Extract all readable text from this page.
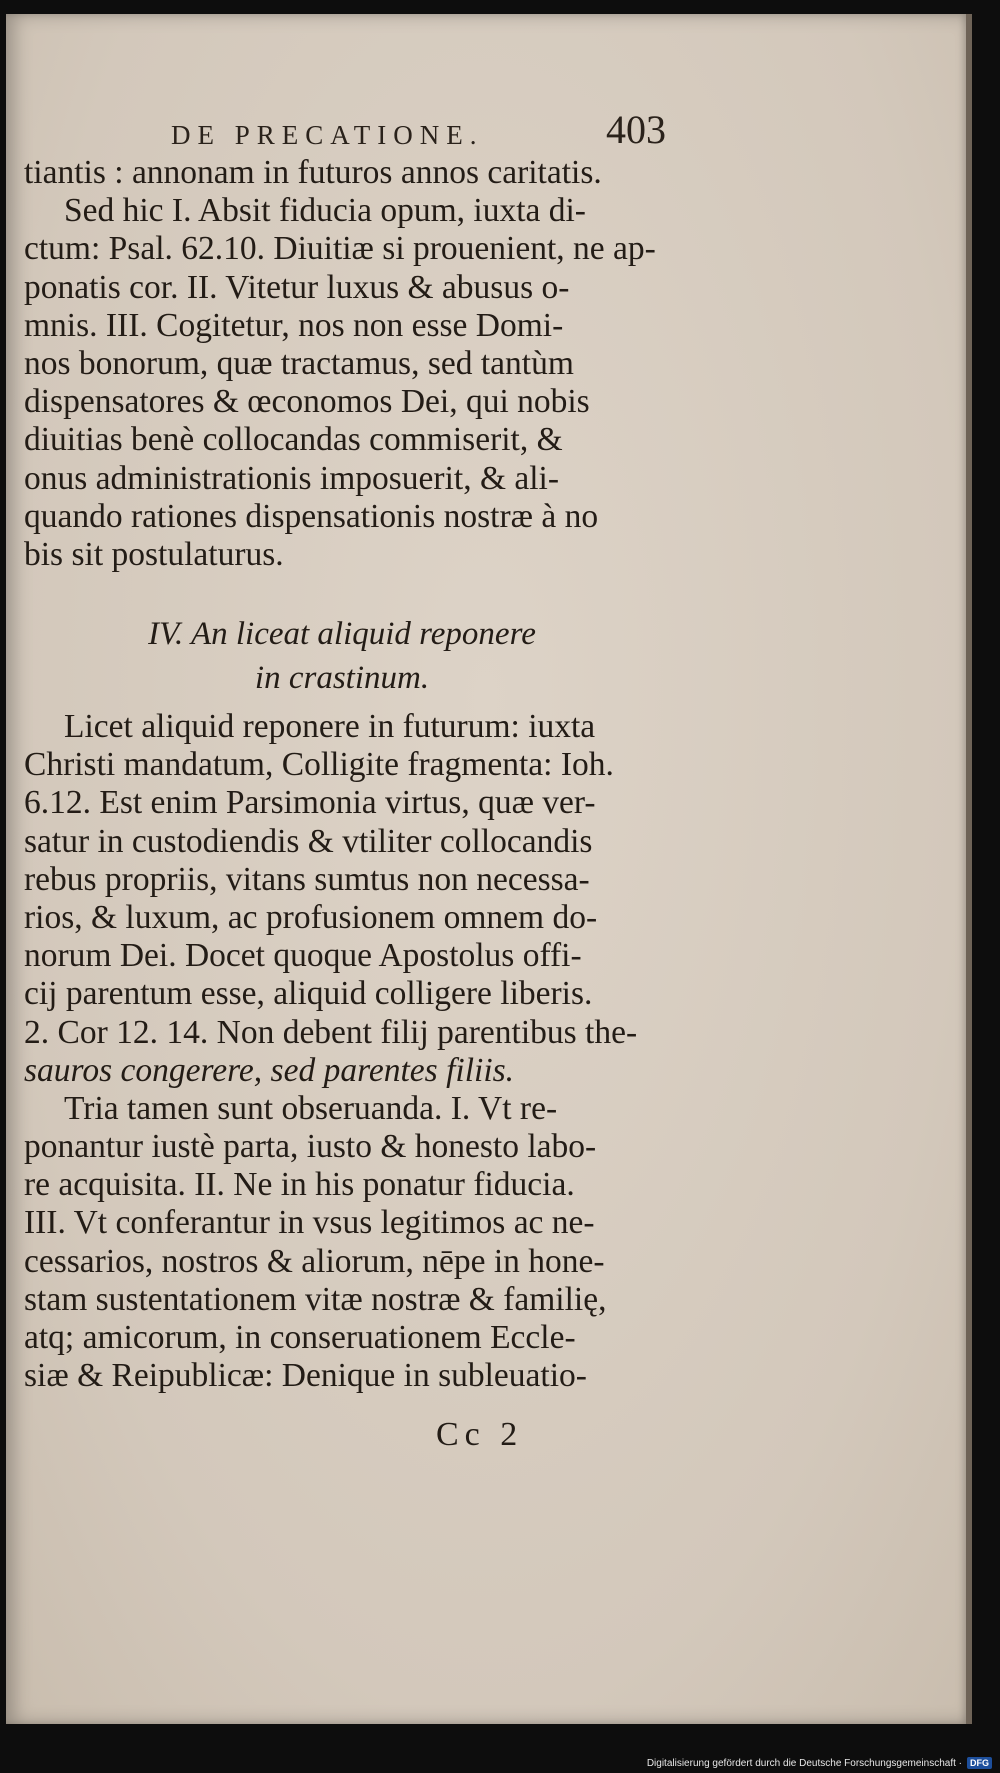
DE PRECATIONE.	403
tiantis : annonam in futuros annos caritatis.
Sed hic I. Absit fiducia opum, iuxta di-
ctum: Psal. 62.10. Diuitiæ si prouenient, ne ap-
ponatis cor. II. Vitetur luxus & abusus o-
mnis. III. Cogitetur, nos non esse Domi-
nos bonorum, quæ tractamus, sed tantùm
dispensatores & œconomos Dei, qui nobis
diuitias benè collocandas commiserit, &
onus administrationis imposuerit, & ali-
quando rationes dispensationis nostræ à no
bis sit postulaturus.
IV. An liceat aliquid reponere
in crastinum.
Licet aliquid reponere in futurum: iuxta
Christi mandatum, Colligite fragmenta: Ioh.
6.12. Est enim Parsimonia virtus, quæ ver-
satur in custodiendis & vtiliter collocandis
rebus propriis, vitans sumtus non necessa-
rios, & luxum, ac profusionem omnem do-
norum Dei. Docet quoque Apostolus offi-
cij parentum esse, aliquid colligere liberis.
2. Cor 12. 14. Non debent filij parentibus the-
sauros congerere, sed parentes filiis.
Tria tamen sunt obseruanda. I. Vt re-
ponantur iustè parta, iusto & honesto labo-
re acquisita. II. Ne in his ponatur fiducia.
III. Vt conferantur in vsus legitimos ac ne-
cessarios, nostros & aliorum, nēpe in hone-
stam sustentationem vitæ nostræ & familię,
atq; amicorum, in conseruationem Eccle-
siæ & Reipublicæ: Denique in subleuatio-
Cc 2
Digitalisierung gefördert durch die Deutsche Forschungsgemeinschaft · DFG
